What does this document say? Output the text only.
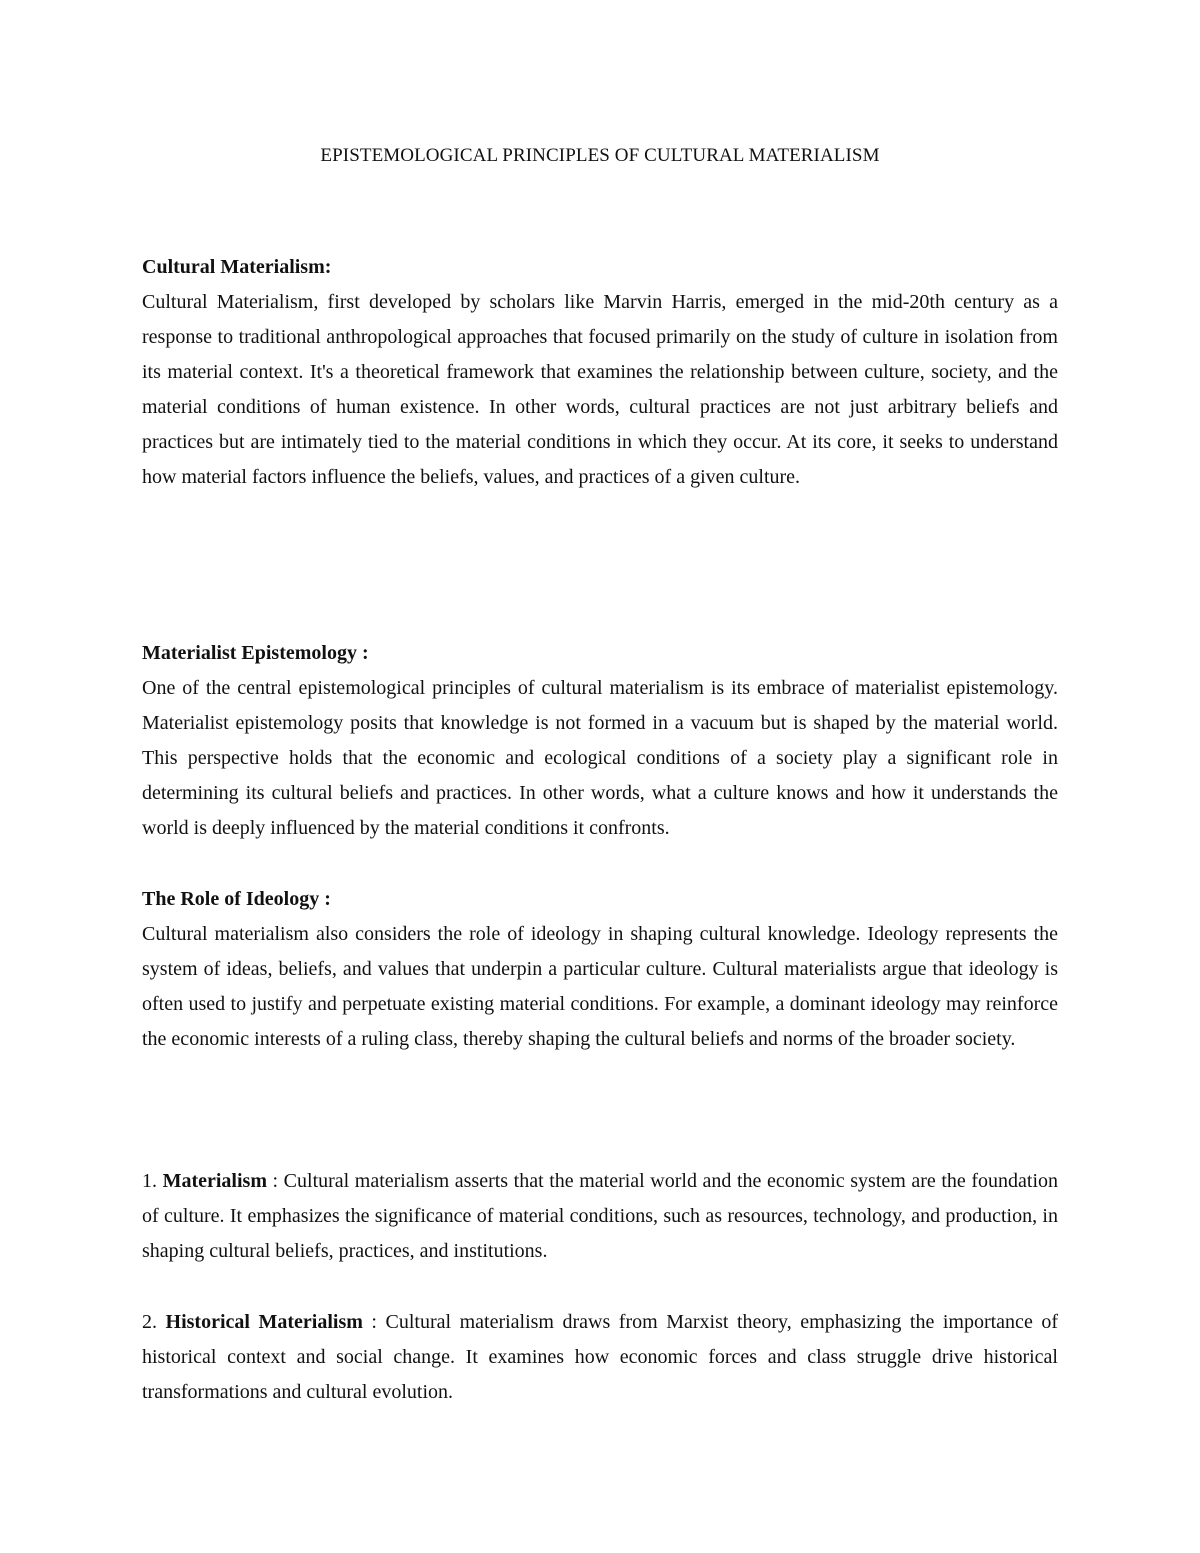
EPISTEMOLOGICAL PRINCIPLES OF CULTURAL MATERIALISM

Cultural Materialism:

Cultural Materialism, first developed by scholars like Marvin Harris, emerged in the mid-20th century as a response to traditional anthropological approaches that focused primarily on the study of culture in isolation from its material context. It's a theoretical framework that examines the relationship between culture, society, and the material conditions of human existence. In other words, cultural practices are not just arbitrary beliefs and practices but are intimately tied to the material conditions in which they occur. At its core, it seeks to understand how material factors influence the beliefs, values, and practices of a given culture.

Materialist Epistemology :

One of the central epistemological principles of cultural materialism is its embrace of materialist epistemology. Materialist epistemology posits that knowledge is not formed in a vacuum but is shaped by the material world. This perspective holds that the economic and ecological conditions of a society play a significant role in determining its cultural beliefs and practices. In other words, what a culture knows and how it understands the world is deeply influenced by the material conditions it confronts.

The Role of Ideology :

Cultural materialism also considers the role of ideology in shaping cultural knowledge. Ideology represents the system of ideas, beliefs, and values that underpin a particular culture. Cultural materialists argue that ideology is often used to justify and perpetuate existing material conditions. For example, a dominant ideology may reinforce the economic interests of a ruling class, thereby shaping the cultural beliefs and norms of the broader society.

1. Materialism : Cultural materialism asserts that the material world and the economic system are the foundation of culture. It emphasizes the significance of material conditions, such as resources, technology, and production, in shaping cultural beliefs, practices, and institutions.

2. Historical Materialism : Cultural materialism draws from Marxist theory, emphasizing the importance of historical context and social change. It examines how economic forces and class struggle drive historical transformations and cultural evolution.
